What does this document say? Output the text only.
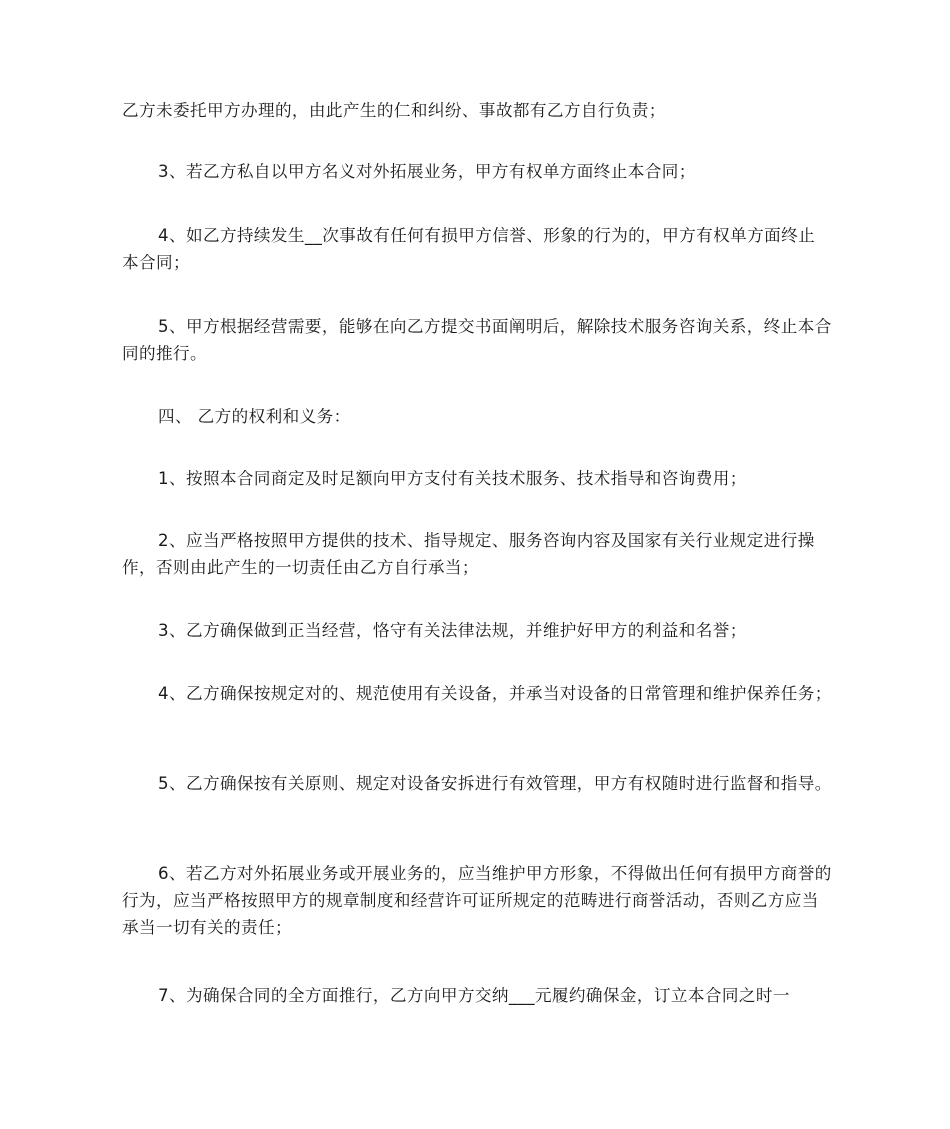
乙方未委托甲方办理的，由此产生的仁和纠纷、事故都有乙方自行负责；

3、若乙方私自以甲方名义对外拓展业务，甲方有权单方面终止本合同；

4、如乙方持续发生__次事故有任何有损甲方信誉、形象的行为的，甲方有权单方面终止本合同；

5、甲方根据经营需要，能够在向乙方提交书面阐明后，解除技术服务咨询关系，终止本合同的推行。

四、 乙方的权利和义务：

1、按照本合同商定及时足额向甲方支付有关技术服务、技术指导和咨询费用；

2、应当严格按照甲方提供的技术、指导规定、服务咨询内容及国家有关行业规定进行操作，否则由此产生的一切责任由乙方自行承当；

3、乙方确保做到正当经营，恪守有关法律法规，并维护好甲方的利益和名誉；

4、乙方确保按规定对的、规范使用有关设备，并承当对设备的日常管理和维护保养任务；

5、乙方确保按有关原则、规定对设备安拆进行有效管理，甲方有权随时进行监督和指导。

6、若乙方对外拓展业务或开展业务的，应当维护甲方形象，不得做出任何有损甲方商誉的行为，应当严格按照甲方的规章制度和经营许可证所规定的范畴进行商誉活动，否则乙方应当承当一切有关的责任；

7、为确保合同的全方面推行，乙方向甲方交纳___元履约确保金，订立本合同之时一
